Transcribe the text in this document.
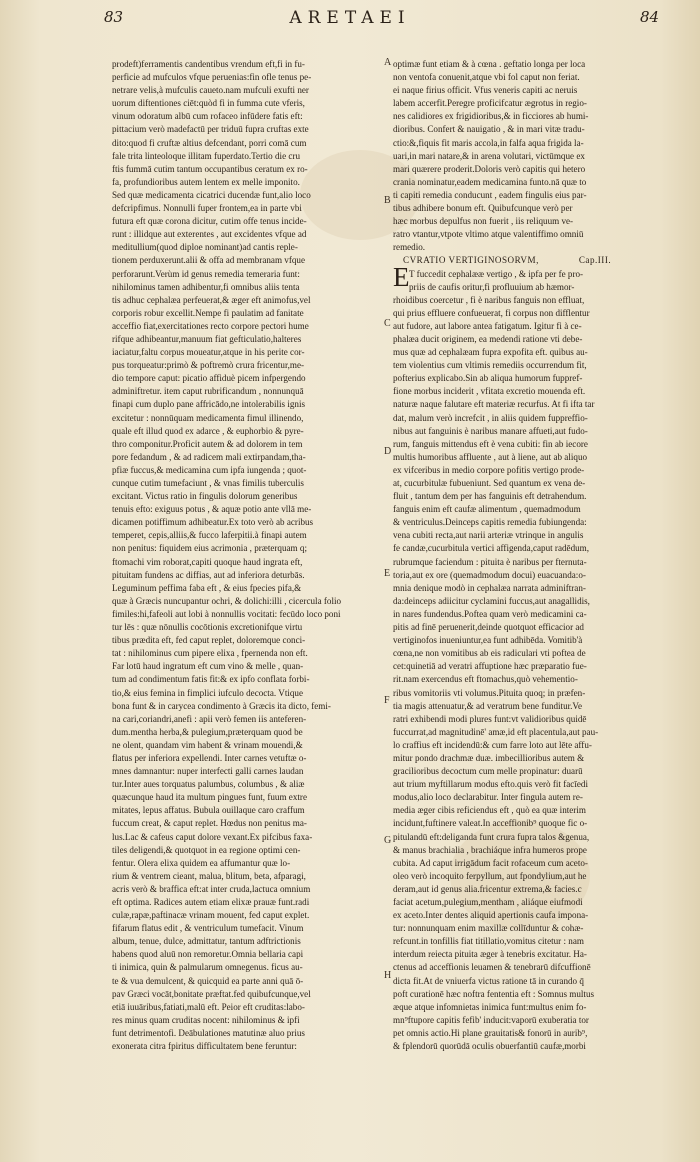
83	ARETAEI	84
prodeft)ferramentis candentibus vrendum eft,fi in fu-
perficie ad mufculos vfque peruenias:fin ofle tenus pe-
netrare velis,à mufculis caueto.nam mufculi exufti ner
uorum diftentiones ciēt:quòd fi in fumma cute vferis,
vinum odoratum albū cum rofaceo infūdere fatis eft:
pittacium verò madefactū per triduū fupra cruftas exte
dito:quod fi cruftæ altius defcendant, porri comā cum
fale trita linteoloque illitam fuperdato.Tertio die cru
ftis fummā cutim tantum occupantibus ceratum ex ro-
fa, profundioribus autem lentem ex melle imponito.
Sed quæ medicamenta cicatrici ducendæ funt,alio loco
defcripfimus. Nonnulli fuper frontem,ea in parte vbi
futura eft quæ corona dicitur, cutim offe tenus incide-
runt : illidque aut exterentes , aut excidentes vfque ad
meditullium(quod diploe nominant)ad cantis reple-
tionem perduxerunt.alii & offa ad membranam vfque
perforarunt.Verùm id genus remedia temeraria funt:
nihilominus tamen adhibentur,fi omnibus aliis tenta
tis adhuc cephalæa perfeuerat,& æger eft animofus,vel
corporis robur excellit.Nempe fi paulatim ad fanitate
acceffio fiat,exercitationes recto corpore pectori hume
rifque adhibeantur,manuum fiat gefticulatio,halteres
iaciatur,faltu corpus moueatur,atque in his perite cor-
pus torqueatur:primò & poftremò crura fricentur,me-
dio tempore caput: picatio affiduè picem infpergendo
adminiftretur. item caput rubrificandum , nonnunquā
finapi cum duplo pane affricādo,ne intolerabilis ignis
excitetur : nonnūquam medicamenta fimul illinendo,
quale eft illud quod ex adarce , & euphorbio & pyre-
thro componitur.Proficit autem & ad dolorem in tem
pore fedandum , & ad radicem mali extirpandam,tha-
pfiæ fuccus,& medicamina cum ipfa iungenda ; quot-
cunque cutim tumefaciunt , & vnas fimilis tuberculis
excitant. Victus ratio in fingulis dolorum generibus
tenuis efto: exiguus potus , & aquæ potio ante vllā me-
dicamen potiffimum adhibeatur.Ex toto verò ab acribus
temperet, cepis,alliis,& fucco laferpitii.à finapi autem
non penitus: fiquidem eius acrimonia , præterquam q;
ftomachi vim roborat,capiti quoque haud ingrata eft,
pituitam fundens ac diffias, aut ad inferiora deturbās.
Leguminum peffima faba eft , & eius fpecies pifa,&
quæ à Græcis nuncupantur ochri, & dolichi:illi , cicercula folio
fimiles:hi,fafeoli aut lobi à nonnullis vocitati: fecūdo loco poni
tur lēs : quæ nōnullis cocōtionis excretionifque virtu
tibus prædita eft, fed caput replet, doloremque conci-
tat : nihilominus cum pipere elixa , fpernenda non eft.
Far lotū haud ingratum eft cum vino & melle , quan-
tum ad condimentum fatis fit:& ex ipfo conflata forbi-
tio,& eius femina in fimplici iufculo decocta. Vtique
bona funt & in carycea condimento à Græcis ita dicto, femi-
na cari,coriandri,anefi : apii verò femen iis anteferen-
dum.mentha herba,& pulegium,præterquam quod be
ne olent, quandam vim habent & vrinam mouendi,&
flatus per inferiora expellendi. Inter carnes vetuftæ o-
mnes damnantur: nuper interfecti galli carnes laudan
tur.Inter aues torquatus palumbus, columbus , & aliæ
quæcunque haud ita multum pingues funt, fuum extre
mitates, lepus affatus. Bubula ouillaque caro craffum
fuccum creat, & caput replet. Hœdus non penitus ma-
lus.Lac & cafeus caput dolore vexant.Ex pifcibus faxa-
tiles deligendi,& quotquot in ea regione optimi cen-
fentur. Olera elixa quidem ea affumantur quæ lo-
rium & ventrem cieant, malua, blitum, beta, afparagi,
acris verò & braffica eft:at inter cruda,lactuca omnium
eft optima. Radices autem etiam elixæ prauæ funt.radi
culæ,rapæ,paftinacæ vrinam mouent, fed caput explet.
fifarum flatus edit , & ventriculum tumefacit. Vinum
album, tenue, dulce, admittatur, tantum adftrictionis
habens quod aluū non remoretur.Omnia bellaria capi
ti inimica, quin & palmularum omnegenus. ficus au-
te & vua demulcent, & quicquid ea parte anni quā ō-
pav Græci vocāt,bonitate præftat.fed quibufcunque,vel
etiā iuuāribus,fatiati,malū eft. Peior eft cruditas:labo-
res minus quam cruditas nocent: nihilominus & ipfi
funt detrimentofi. Deābulationes matutinæ aluo prius
exonerata citra fpiritus difficultatem bene feruntur:
optimæ funt etiam & à cœna . geftatio longa per loca
non ventofa conuenit,atque vbi fol caput non feriat.
ei naque firius officit. Vfus veneris capiti ac neruis
labem accerfit.Peregre proficifcatur ægrotus in regio-
nes calidiores ex frigidioribus,& in ficciores ab humi-
dioribus. Confert & nauigatio , & in mari vitæ tradu-
ctio:&,fiquis fit maris accola,in falfa aqua frigida la-
uari,in mari natare,& in arena volutari, victūmque ex
mari quærere proderit.Doloris verò capitis qui hetero
crania nominatur,eadem medicamina funto.nā quæ to
ti capiti remedia conducunt , eadem fingulis eius par-
tibus adhibere bonum eft. Quibufcunque verò per
hæc morbus depulfus non fuerit , iis reliquum ve-
ratro vtantur,vtpote vltimo atque valentiffimo omniū
remedio.
CVRATIO VERTIGINOSORVM,	Cap.III.
T fuccedit cephalææ vertigo , & ipfa per fe pro-
priis de caufis oritur,fi profluuium ab hæmor-
rhoidibus coercetur , fi è naribus fanguis non effluat,
qui prius effluere confueuerat, fi corpus non difflentur
aut fudore, aut labore antea fatigatum. Igitur fi à ce-
phalæa ducit originem, ea medendi ratione vti debe-
mus quæ ad cephalæam fupra expofita eft. quibus au-
tem violentius cum vltimis remediis occurrendum fit,
pofterius explicabo.Sin ab aliqua humorum fuppref-
fione morbus inciderit , vfitata excretio mouenda eft.
naturæ naque falutare eft materiæ recurfus. At fi ifta tar
dat, malum verò increfcit , in aliis quidem fuppreffio-
nibus aut fanguinis è naribus manare affueti,aut fudo-
rum, fanguis mittendus eft è vena cubiti: fin ab iecore
multis humoribus affluente , aut à liene, aut ab aliquo
ex vifceribus in medio corpore pofitis vertigo prode-
at, cucurbitulæ fubueniunt. Sed quantum ex vena de-
fluit , tantum dem per has fanguinis eft detrahendum.
fanguis enim eft caufæ alimentum , quemadmodum
& ventriculus.Deinceps capitis remedia fubiungenda:
vena cubiti recta,aut narii arteriæ vtrinque in angulis
fe candæ,cucurbitula vertici affigenda,caput radēdum,
rubrumque faciendum : pituita è naribus per fternuta-
toria,aut ex ore (quemadmodum docui) euacuanda:o-
mnia denique modò in cephalæa narrata adminiftran-
da:deinceps adiicitur cyclamini fuccus,aut anagallidis,
in nares fundendus.Poftea quam verò medicamini ca-
pitis ad finē peruenerit,deinde quotquot efficacior ad
vertiginofos inueniuntur,ea funt adhibēda. Vomitib'à
cœna,ne non vomitibus ab eis radiculari vti poftea de
cet:quinetiā ad veratri affuptione hæc præparatio fue-
rit.nam exercendus eft ftomachus,quò vehementio-
ribus vomitoriis vti volumus.Pituita quoq; in præfen-
tia magis attenuatur,& ad veratrum bene funditur.Ve
ratri exhibendi modi plures funt:vt validioribus quidē
fuccurrat,ad magnitudinē' amæ,id eft placentula,aut pau-
lo craffius eft incidendū:& cum farre loto aut lēte affu-
mitur pondo drachmæ duæ. imbecillioribus autem &
gracilioribus decoctum cum melle propinatur: duarū
aut trium myftillarum modus efto.quis verò fit facīedi
modus,alio loco declarabitur. Inter fingula autem re-
media æger cibis reficiendus eft , quò ea quæ interim
incidunt,fuftinere valeat.In acceffionib⁹ quoque fic o-
pitulandū eft:deliganda funt crura fupra talos &genua,
& manus brachialia , brachiáque infra humeros prope
cubita. Ad caput irrigādum facit rofaceum cum aceto-
oleo verò incoquito ferpyllum, aut fpondylium,aut he
deram,aut id genus alia.fricentur extrema,& facies.c
faciat acetum,pulegium,mentham , aliáque eiufmodi
ex aceto.Inter dentes aliquid apertionis caufa impona-
tur: nonnunquam enim maxillæ collīduntur & cohæ-
refcunt.in tonfillis fiat titillatio,vomitus citetur : nam
interdum reiecta pituita æger à tenebris excitatur. Ha-
ctenus ad acceffionis leuamen & tenebrarū difcuffionē
dicta fit.At de vniuerfa victus ratione tā in curando q̄
poft curationē hæc noftra fententia eft : Somnus multus
æque atque infomnietas inimica funt:multus enim fo-
mn⁹ftupore capitis fefib' inducit:vaporū exuberatia tor
pet omnis actio.Hi plane grauitatis& fonorū in aurib⁹,
& fplendorū quorūdā oculis obuerfantiū caufæ,morbi
E
A
B
C
D
E
F
G
H
